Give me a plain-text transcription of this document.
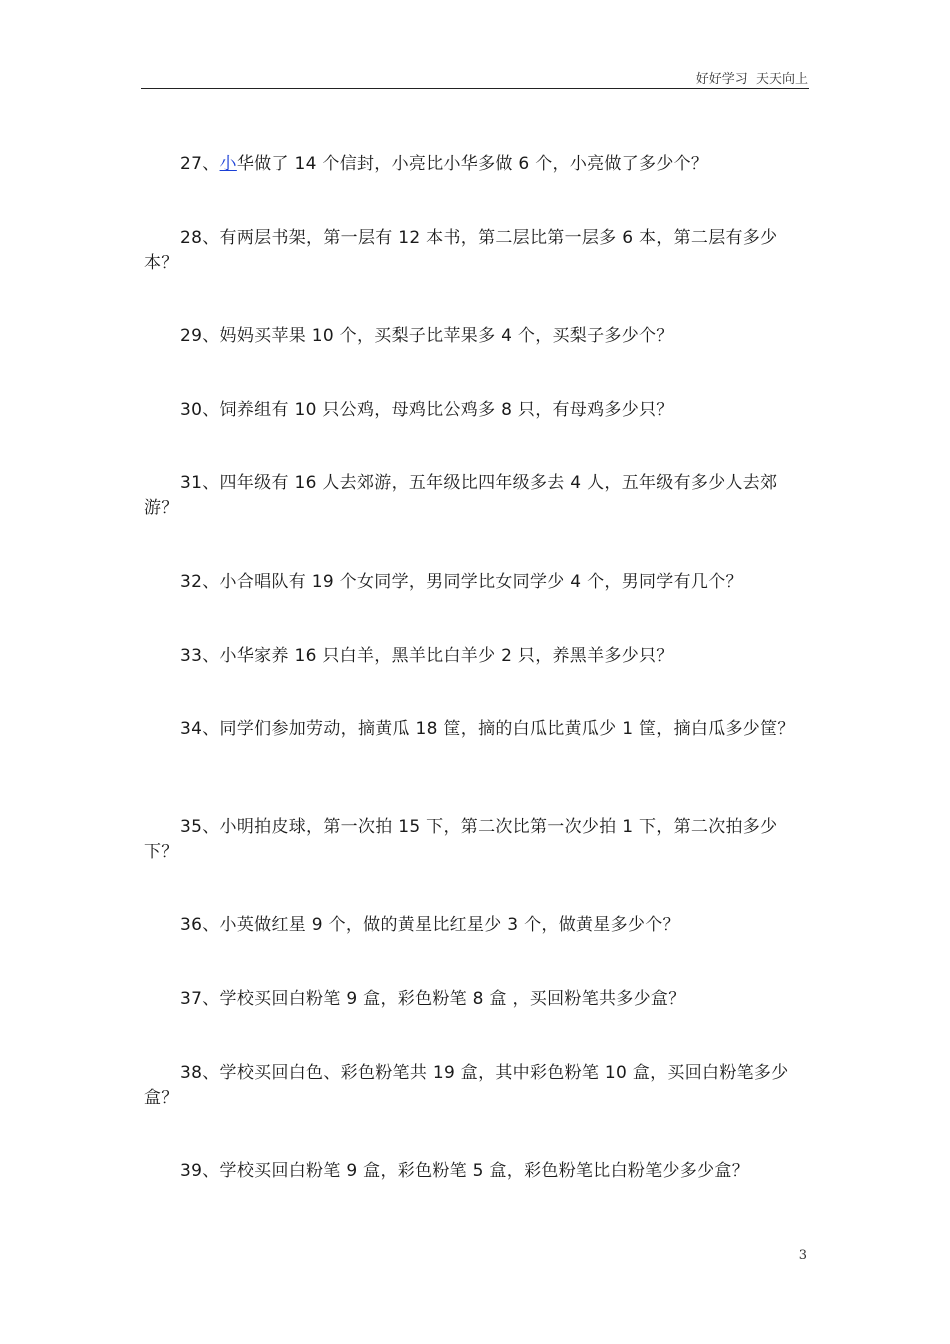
好好学习  天天向上

27、小华做了 14 个信封，小亮比小华多做 6 个，小亮做了多少个？

28、有两层书架，第一层有 12 本书，第二层比第一层多 6 本，第二层有多少本？

29、妈妈买苹果 10 个，买梨子比苹果多 4 个，买梨子多少个？

30、饲养组有 10 只公鸡，母鸡比公鸡多 8 只，有母鸡多少只？

31、四年级有 16 人去郊游，五年级比四年级多去 4 人，五年级有多少人去郊游？

32、小合唱队有 19 个女同学，男同学比女同学少 4 个，男同学有几个？

33、小华家养 16 只白羊，黑羊比白羊少 2 只，养黑羊多少只？

34、同学们参加劳动，摘黄瓜 18 筐，摘的白瓜比黄瓜少 1 筐，摘白瓜多少筐？

35、小明拍皮球，第一次拍 15 下，第二次比第一次少拍 1 下，第二次拍多少下？

36、小英做红星 9 个，做的黄星比红星少 3 个，做黄星多少个？

37、学校买回白粉笔 9 盒，彩色粉笔 8 盒 ，买回粉笔共多少盒？

38、学校买回白色、彩色粉笔共 19 盒，其中彩色粉笔 10 盒，买回白粉笔多少盒？

39、学校买回白粉笔 9 盒，彩色粉笔 5 盒，彩色粉笔比白粉笔少多少盒？

3
